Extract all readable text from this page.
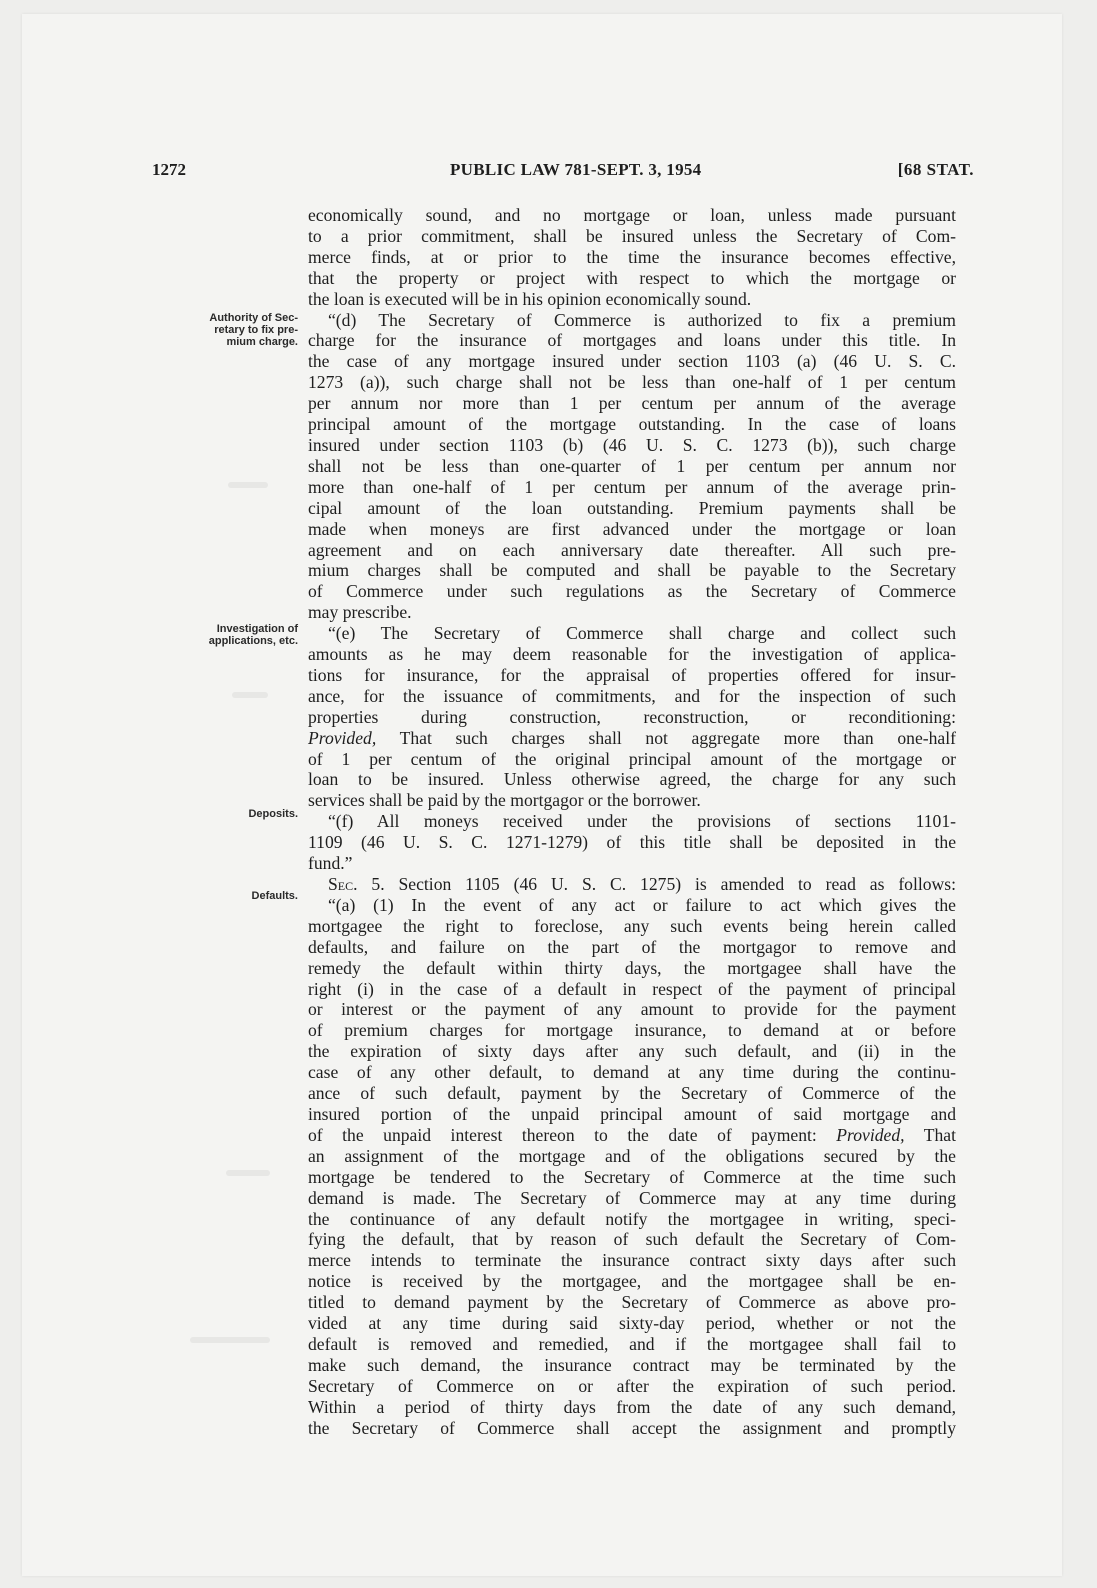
1272	PUBLIC LAW 781-SEPT. 3, 1954	[68 STAT.
Authority of Sec-
retary to fix pre-
mium charge.
Investigation of
applications, etc.
Deposits.
Defaults.

economically sound, and no mortgage or loan, unless made pursuant

to a prior commitment, shall be insured unless the Secretary of Com-

merce finds, at or prior to the time the insurance becomes effective,

that the property or project with respect to which the mortgage or

the loan is executed will be in his opinion economically sound.

“(d) The Secretary of Commerce is authorized to fix a premium

charge for the insurance of mortgages and loans under this title. In

the case of any mortgage insured under section 1103 (a) (46 U. S. C.

1273 (a)), such charge shall not be less than one-half of 1 per centum

per annum nor more than 1 per centum per annum of the average

principal amount of the mortgage outstanding. In the case of loans

insured under section 1103 (b) (46 U. S. C. 1273 (b)), such charge

shall not be less than one-quarter of 1 per centum per annum nor

more than one-half of 1 per centum per annum of the average prin-

cipal amount of the loan outstanding. Premium payments shall be

made when moneys are first advanced under the mortgage or loan

agreement and on each anniversary date thereafter. All such pre-

mium charges shall be computed and shall be payable to the Secretary

of Commerce under such regulations as the Secretary of Commerce

may prescribe.

“(e) The Secretary of Commerce shall charge and collect such

amounts as he may deem reasonable for the investigation of applica-

tions for insurance, for the appraisal of properties offered for insur-

ance, for the issuance of commitments, and for the inspection of such

properties during construction, reconstruction, or reconditioning:

Provided, That such charges shall not aggregate more than one-half

of 1 per centum of the original principal amount of the mortgage or

loan to be insured. Unless otherwise agreed, the charge for any such

services shall be paid by the mortgagor or the borrower.

“(f) All moneys received under the provisions of sections 1101-

1109 (46 U. S. C. 1271-1279) of this title shall be deposited in the

fund.”

Sec. 5. Section 1105 (46 U. S. C. 1275) is amended to read as follows:

“(a) (1) In the event of any act or failure to act which gives the

mortgagee the right to foreclose, any such events being herein called

defaults, and failure on the part of the mortgagor to remove and

remedy the default within thirty days, the mortgagee shall have the

right (i) in the case of a default in respect of the payment of principal

or interest or the payment of any amount to provide for the payment

of premium charges for mortgage insurance, to demand at or before

the expiration of sixty days after any such default, and (ii) in the

case of any other default, to demand at any time during the continu-

ance of such default, payment by the Secretary of Commerce of the

insured portion of the unpaid principal amount of said mortgage and

of the unpaid interest thereon to the date of payment: Provided, That

an assignment of the mortgage and of the obligations secured by the

mortgage be tendered to the Secretary of Commerce at the time such

demand is made. The Secretary of Commerce may at any time during

the continuance of any default notify the mortgagee in writing, speci-

fying the default, that by reason of such default the Secretary of Com-

merce intends to terminate the insurance contract sixty days after such

notice is received by the mortgagee, and the mortgagee shall be en-

titled to demand payment by the Secretary of Commerce as above pro-

vided at any time during said sixty-day period, whether or not the

default is removed and remedied, and if the mortgagee shall fail to

make such demand, the insurance contract may be terminated by the

Secretary of Commerce on or after the expiration of such period.

Within a period of thirty days from the date of any such demand,

the Secretary of Commerce shall accept the assignment and promptly
